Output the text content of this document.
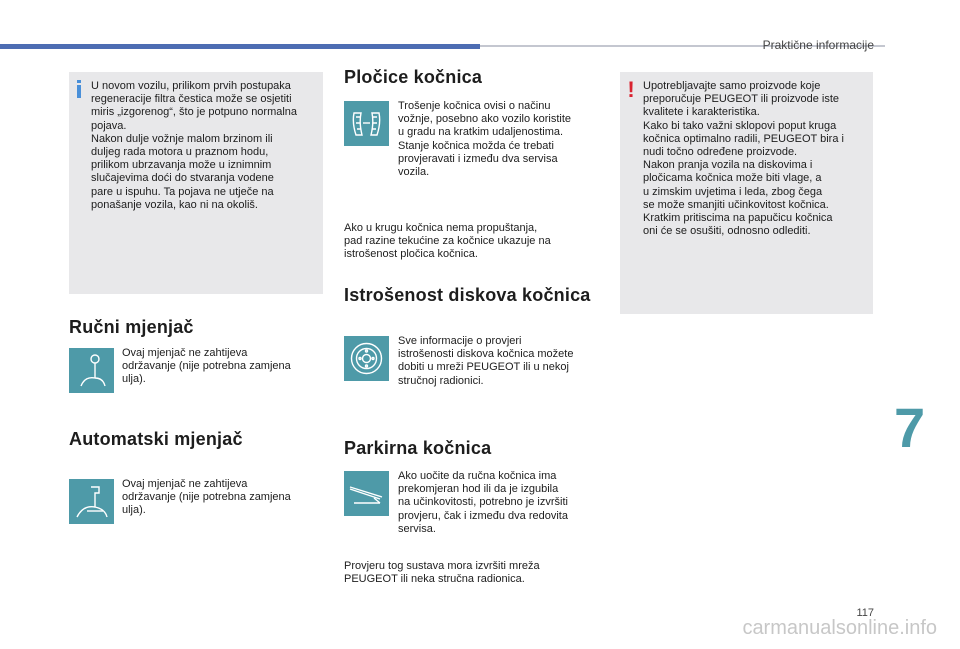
Praktične informacije
U novom vozilu, prilikom prvih postupaka
regeneracije filtra čestica može se osjetiti
miris „izgorenog“, što je potpuno normalna
pojava.
Nakon dulje vožnje malom brzinom ili
duljeg rada motora u praznom hodu,
prilikom ubrzavanja može u iznimnim
slučajevima doći do stvaranja vodene
pare u ispuhu. Ta pojava ne utječe na
ponašanje vozila, kao ni na okoliš.
Ručni mjenjač
Ovaj mjenjač ne zahtijeva
održavanje (nije potrebna zamjena
ulja).
Automatski mjenjač
Ovaj mjenjač ne zahtijeva
održavanje (nije potrebna zamjena
ulja).
Pločice kočnica
Trošenje kočnica ovisi o načinu
vožnje, posebno ako vozilo koristite
u gradu na kratkim udaljenostima.
Stanje kočnica možda će trebati
provjeravati i između dva servisa
vozila.
Ako u krugu kočnica nema propuštanja,
pad razine tekućine za kočnice ukazuje na
istrošenost pločica kočnica.
Istrošenost diskova kočnica
Sve informacije o provjeri
istrošenosti diskova kočnica možete
dobiti u mreži PEUGEOT ili u nekoj
stručnoj radionici.
Parkirna kočnica
Ako uočite da ručna kočnica ima
prekomjeran hod ili da je izgubila
na učinkovitosti, potrebno je izvršiti
provjeru, čak i između dva redovita
servisa.
Provjeru tog sustava mora izvršiti mreža
PEUGEOT ili neka stručna radionica.
! Upotrebljavajte samo proizvode koje
preporučuje PEUGEOT ili proizvode iste
kvalitete i karakteristika.
Kako bi tako važni sklopovi poput kruga
kočnica optimalno radili, PEUGEOT bira i
nudi točno određene proizvode.
Nakon pranja vozila na diskovima i
pločicama kočnica može biti vlage, a
u zimskim uvjetima i leda, zbog čega
se može smanjiti učinkovitost kočnica.
Kratkim pritiscima na papučicu kočnica
oni će se osušiti, odnosno odlediti.
7
117
carmanualsonline.info
